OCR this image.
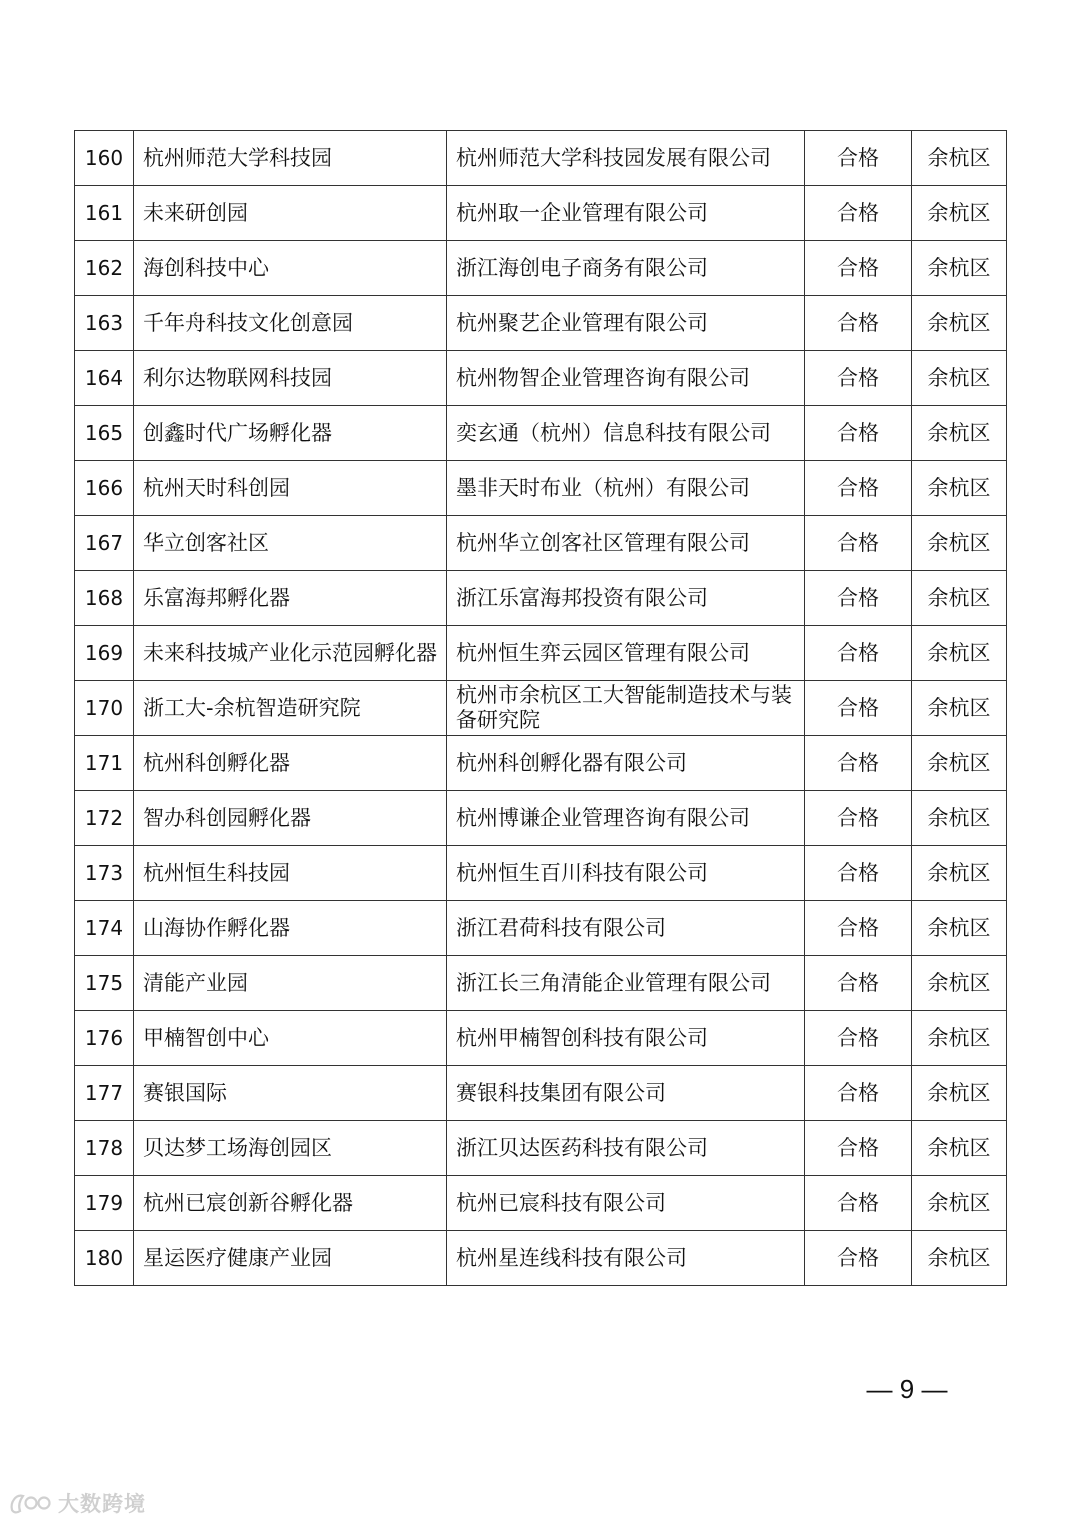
160	杭州师范大学科技园	杭州师范大学科技园发展有限公司	合格	余杭区
161	未来研创园	杭州取一企业管理有限公司	合格	余杭区
162	海创科技中心	浙江海创电子商务有限公司	合格	余杭区
163	千年舟科技文化创意园	杭州聚艺企业管理有限公司	合格	余杭区
164	利尔达物联网科技园	杭州物智企业管理咨询有限公司	合格	余杭区
165	创鑫时代广场孵化器	奕玄通（杭州）信息科技有限公司	合格	余杭区
166	杭州天时科创园	墨非天时布业（杭州）有限公司	合格	余杭区
167	华立创客社区	杭州华立创客社区管理有限公司	合格	余杭区
168	乐富海邦孵化器	浙江乐富海邦投资有限公司	合格	余杭区
169	未来科技城产业化示范园孵化器	杭州恒生弈云园区管理有限公司	合格	余杭区
170	浙工大-余杭智造研究院	杭州市余杭区工大智能制造技术与装备研究院	合格	余杭区
171	杭州科创孵化器	杭州科创孵化器有限公司	合格	余杭区
172	智办科创园孵化器	杭州博谦企业管理咨询有限公司	合格	余杭区
173	杭州恒生科技园	杭州恒生百川科技有限公司	合格	余杭区
174	山海协作孵化器	浙江君荷科技有限公司	合格	余杭区
175	清能产业园	浙江长三角清能企业管理有限公司	合格	余杭区
176	甲楠智创中心	杭州甲楠智创科技有限公司	合格	余杭区
177	赛银国际	赛银科技集团有限公司	合格	余杭区
178	贝达梦工场海创园区	浙江贝达医药科技有限公司	合格	余杭区
179	杭州已宸创新谷孵化器	杭州已宸科技有限公司	合格	余杭区
180	星运医疗健康产业园	杭州星连线科技有限公司	合格	余杭区
— 9 —
大数跨境
